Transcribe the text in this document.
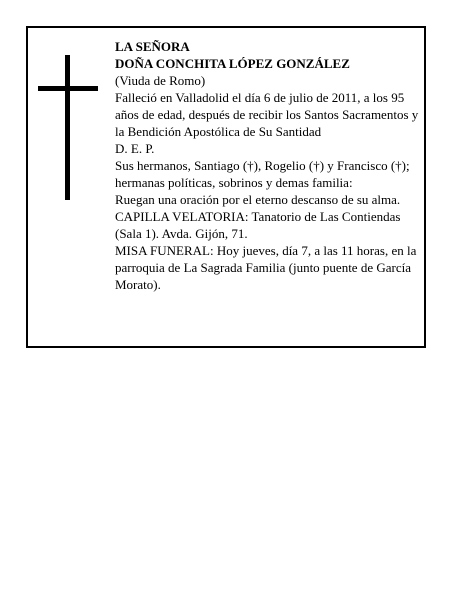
LA SEÑORA
DOÑA CONCHITA LÓPEZ GONZÁLEZ
(Viuda de Romo)
Falleció en Valladolid el día 6 de julio de 2011, a los 95 años de edad, después de recibir los Santos Sacramentos y la Bendición Apostólica de Su Santidad
D. E. P.
Sus hermanos, Santiago (†), Rogelio (†) y Francisco (†); hermanas políticas, sobrinos y demas familia:
Ruegan una oración por el eterno descanso de su alma.
CAPILLA VELATORIA: Tanatorio de Las Contiendas (Sala 1). Avda. Gijón, 71.
MISA FUNERAL: Hoy jueves, día 7, a las 11 horas, en la parroquia de La Sagrada Familia (junto puente de García Morato).
